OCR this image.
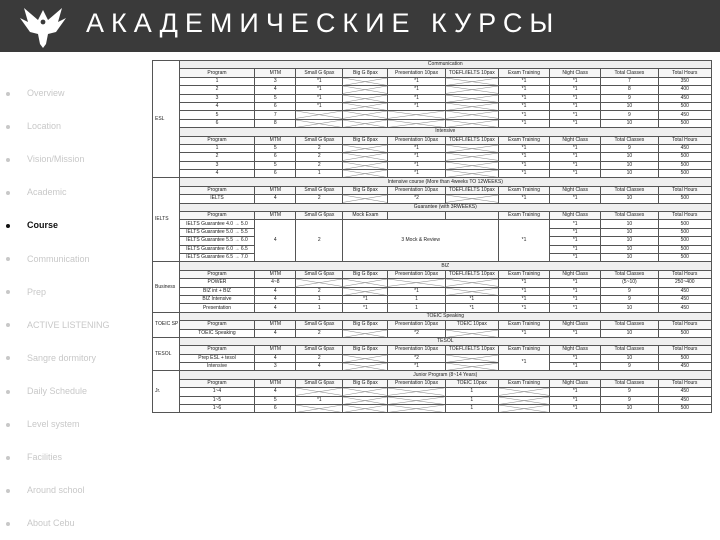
АКАДЕМИЧЕСКИЕ КУРСЫ
Overview
Location
Vision/Mission
Academic
Course
Communication
Prep
ACTIVE LISTENING
Sangre dormitory
Daily Schedule
Level system
Facilities
Around school
About Cebu
ESL	Communication									
	Program	MTM	Small G 6pax	Big G 8pax	Presentation 10pax	TOEFL/IELTS 10pax	Exam Training	Night Class	Total Classes	Total Hours
	1	3	*1		*1		*1	*1	7	350
	2	4	*1		*1		*1	*1	8	400
	3	5	*1		*1		*1	*1	9	450
	4	6	*1		*1		*1	*1	10	500
	5	7					*1	*1	9	450
	6	8					*1	*1	10	500
	Intensive									
	Program	MTM	Small G 6pax	Big G 8pax	Presentation 10pax	TOEFL/IELTS 10pax	Exam Training	Night Class	Total Classes	Total Hours
	1	5	2		*1		*1	*1	9	450
	2	6	2		*1		*1	*1	10	500
	3	5	2		*1		*1	*1	10	500
	4	6	1		*1		*1	*1	10	500
IELTS	Intensive course (More than 4weeks TO 12WEEKS)									
	Program	MTM	Small G 6pax	Big G 8pax	Presentation 10pax	TOEFL/IELTS 10pax	Exam Training	Night Class	Total Classes	Total Hours
	IELTS	4	2		*2		*1	*1	10	500
	Guarantee (with 3RWEEKS)									
	Program	MTM	Small G 6pax	Mock Exam			Exam Training	Night Class	Total Classes	Total Hours
	IELTS Guarantee 4.0 → 5.0	4	2	3 Mock & Review			*1	*1	10	500
	IELTS Guarantee 5.0 → 5.5							*1	10	500
	IELTS Guarantee 5.5 → 6.0							*1	10	500
	IELTS Guarantee 6.0 → 6.5							*1	10	500
	IELTS Guarantee 6.5 → 7.0							*1	10	500
Business	BIZ									
	Program	MTM	Small G 6pax	Big G 8pax	Presentation 10pax	TOEFL/IELTS 10pax	Exam Training	Night Class	Total Classes	Total Hours
	POWER	4~8					*1	*1	(5~10)	250~400
	BIZ int + BIZ	4	2		*1		*1	*1	9	450
	BIZ Intensive	4	1	*1	1	*1	*1	*1	9	450
	Presentation	4	1	*1	1	*1	*1	*1	10	450
TOEIC SP	TOEIC Speaking									
	Program	MTM	Small G 6pax	Big G 8pax	Presentation 10pax	TOEIC 10pax	Exam Training	Night Class	Total Classes	Total Hours
	TOEIC Speaking	4	2		*2		*1	*1	10	500
TESOL	TESOL									
	Program	MTM	Small G 6pax	Big G 8pax	Presentation 10pax	TOEFL/IELTS 10pax	Exam Training	Night Class	Total Classes	Total Hours
	Prep ESL + tesol	4	2		*2		*1	*1	10	500
	Intensive	3	4		*1			*1	9	450
Jr.	Junior Program (8~14 Years)									
	Program	MTM	Small G 6pax	Big G 8pax	Presentation 10pax	TOEIC 10pax	Exam Training	Night Class	Total Classes	Total Hours
	1~4	4				1		*1	9	450
	1~5	5	*1			1		*1	9	450
	1~6	6				1		*1	10	500
